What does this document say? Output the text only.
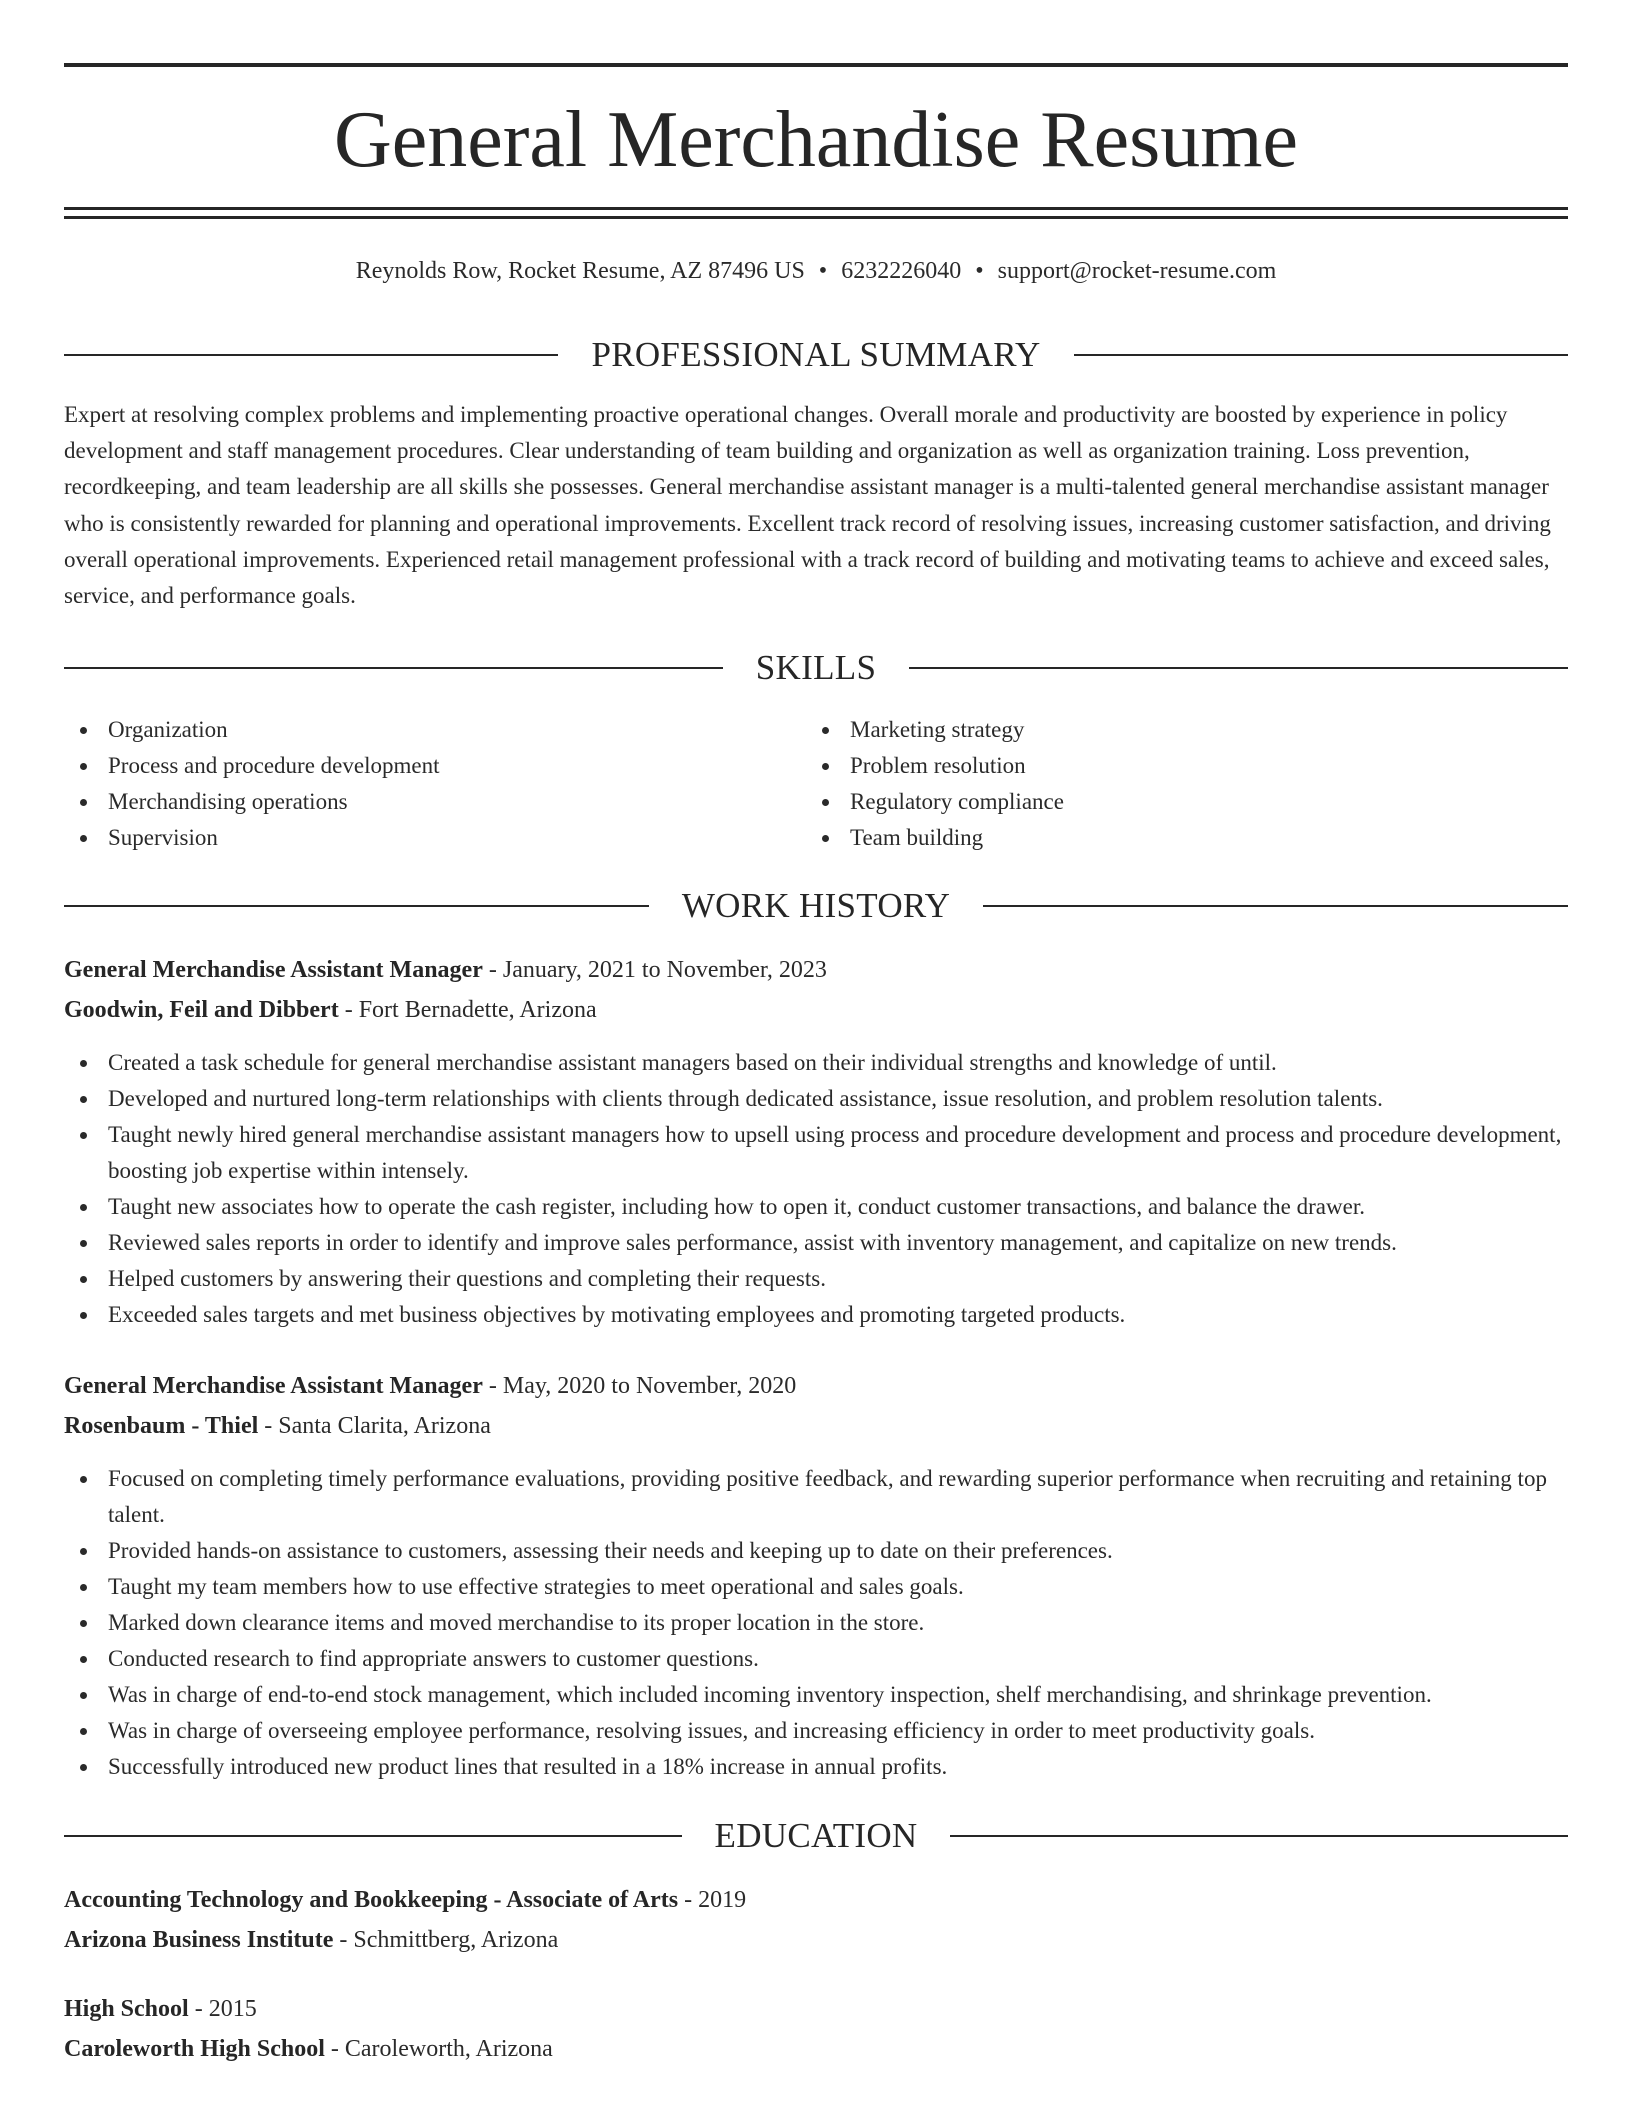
General Merchandise Resume
Reynolds Row, Rocket Resume, AZ 87496 US • 6232226040 • support@rocket-resume.com
PROFESSIONAL SUMMARY
Expert at resolving complex problems and implementing proactive operational changes. Overall morale and productivity are boosted by experience in policy development and staff management procedures. Clear understanding of team building and organization as well as organization training. Loss prevention, recordkeeping, and team leadership are all skills she possesses. General merchandise assistant manager is a multi-talented general merchandise assistant manager who is consistently rewarded for planning and operational improvements. Excellent track record of resolving issues, increasing customer satisfaction, and driving overall operational improvements. Experienced retail management professional with a track record of building and motivating teams to achieve and exceed sales, service, and performance goals.
SKILLS
Organization
Process and procedure development
Merchandising operations
Supervision
Marketing strategy
Problem resolution
Regulatory compliance
Team building
WORK HISTORY
General Merchandise Assistant Manager - January, 2021 to November, 2023
Goodwin, Feil and Dibbert - Fort Bernadette, Arizona
Created a task schedule for general merchandise assistant managers based on their individual strengths and knowledge of until.
Developed and nurtured long-term relationships with clients through dedicated assistance, issue resolution, and problem resolution talents.
Taught newly hired general merchandise assistant managers how to upsell using process and procedure development and process and procedure development, boosting job expertise within intensely.
Taught new associates how to operate the cash register, including how to open it, conduct customer transactions, and balance the drawer.
Reviewed sales reports in order to identify and improve sales performance, assist with inventory management, and capitalize on new trends.
Helped customers by answering their questions and completing their requests.
Exceeded sales targets and met business objectives by motivating employees and promoting targeted products.
General Merchandise Assistant Manager - May, 2020 to November, 2020
Rosenbaum - Thiel - Santa Clarita, Arizona
Focused on completing timely performance evaluations, providing positive feedback, and rewarding superior performance when recruiting and retaining top talent.
Provided hands-on assistance to customers, assessing their needs and keeping up to date on their preferences.
Taught my team members how to use effective strategies to meet operational and sales goals.
Marked down clearance items and moved merchandise to its proper location in the store.
Conducted research to find appropriate answers to customer questions.
Was in charge of end-to-end stock management, which included incoming inventory inspection, shelf merchandising, and shrinkage prevention.
Was in charge of overseeing employee performance, resolving issues, and increasing efficiency in order to meet productivity goals.
Successfully introduced new product lines that resulted in a 18% increase in annual profits.
EDUCATION
Accounting Technology and Bookkeeping - Associate of Arts - 2019
Arizona Business Institute - Schmittberg, Arizona
High School - 2015
Caroleworth High School - Caroleworth, Arizona
